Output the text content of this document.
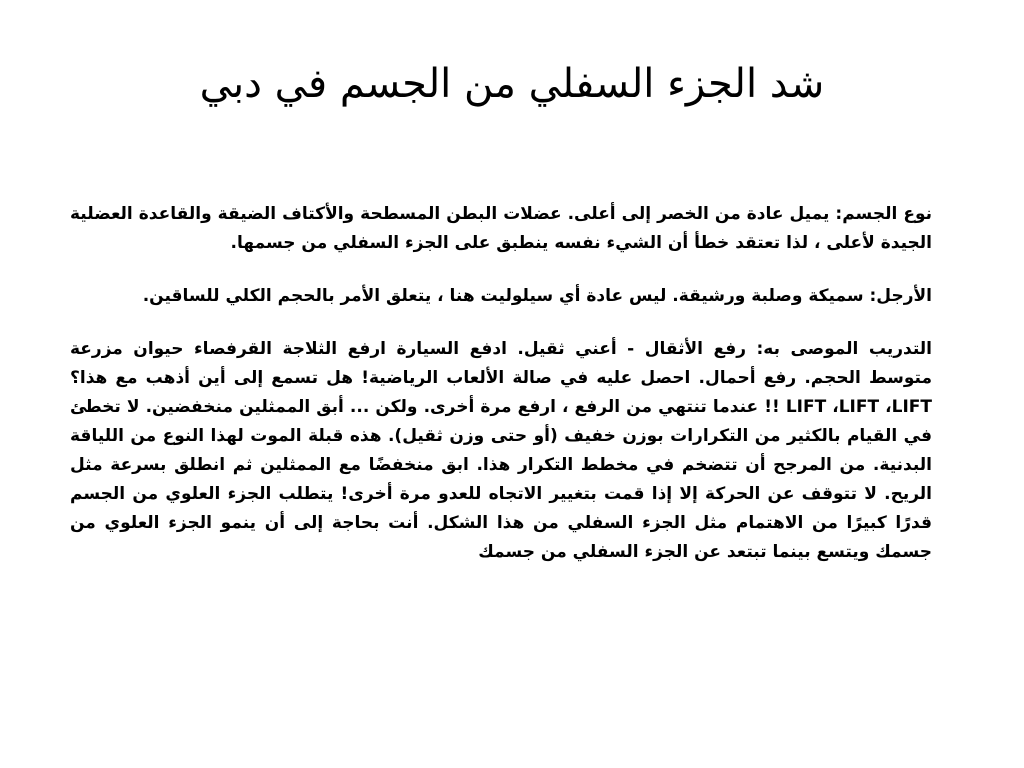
شد الجزء السفلي من الجسم في دبي

نوع الجسم: يميل عادة من الخصر إلى أعلى. عضلات البطن المسطحة والأكتاف الضيقة والقاعدة العضلية الجيدة لأعلى ، لذا تعتقد خطأ أن الشيء نفسه ينطبق على الجزء السفلي من جسمها.

الأرجل: سميكة وصلبة ورشيقة. ليس عادة أي سيلوليت هنا ، يتعلق الأمر بالحجم الكلي للساقين.

التدريب الموصى به: رفع الأثقال - أعني ثقيل. ادفع السيارة ارفع الثلاجة القرفصاء حيوان مزرعة متوسط الحجم. رفع أحمال. احصل عليه في صالة الألعاب الرياضية! هل تسمع إلى أين أذهب مع هذا؟LIFT ،LIFT ،LIFT !! عندما تنتهي من الرفع ، ارفع مرة أخرى. ولكن ... أبق الممثلين منخفضين. لا تخطئ في القيام بالكثير من التكرارات بوزن خفيف (أو حتى وزن ثقيل). هذه قبلة الموت لهذا النوع من اللياقة البدنية. من المرجح أن تتضخم في مخطط التكرار هذا. ابق منخفضًا مع الممثلين ثم انطلق بسرعة مثل الريح. لا تتوقف عن الحركة إلا إذا قمت بتغيير الاتجاه للعدو مرة أخرى! يتطلب الجزء العلوي من الجسم قدرًا كبيرًا من الاهتمام مثل الجزء السفلي من هذا الشكل. أنت بحاجة إلى أن ينمو الجزء العلوي من جسمك ويتسع بينما تبتعد عن الجزء السفلي من جسمك
